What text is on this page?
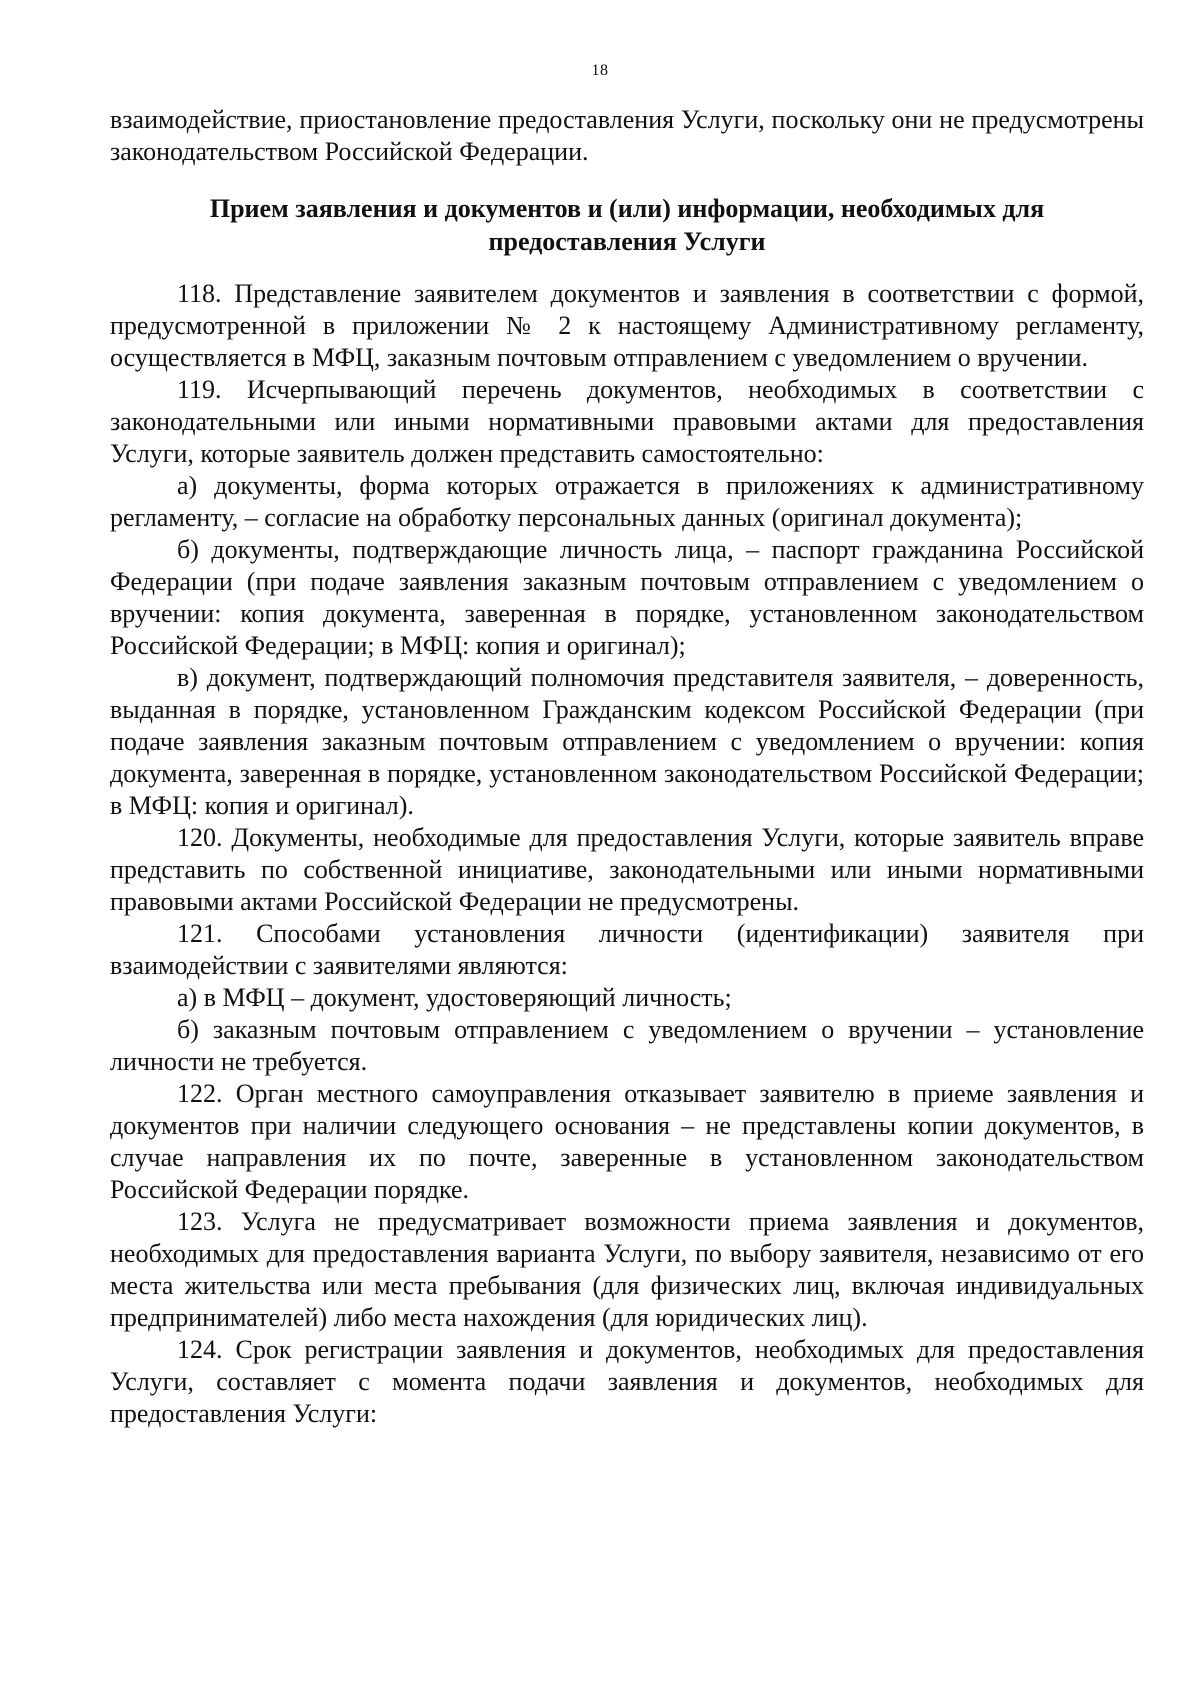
18

взаимодействие, приостановление предоставления Услуги, поскольку они не предусмотрены законодательством Российской Федерации.

Прием заявления и документов и (или) информации, необходимых для
предоставления Услуги

118. Представление заявителем документов и заявления в соответствии с формой, предусмотренной в приложении № 2 к настоящему Административному регламенту, осуществляется в МФЦ, заказным почтовым отправлением с уведомлением о вручении.

119. Исчерпывающий перечень документов, необходимых в соответствии с законодательными или иными нормативными правовыми актами для предоставления Услуги, которые заявитель должен представить самостоятельно:

а) документы, форма которых отражается в приложениях к административному регламенту, – согласие на обработку персональных данных (оригинал документа);

б) документы, подтверждающие личность лица, – паспорт гражданина Российской Федерации (при подаче заявления заказным почтовым отправлением с уведомлением о вручении: копия документа, заверенная в порядке, установленном законодательством Российской Федерации; в МФЦ: копия и оригинал);

в) документ, подтверждающий полномочия представителя заявителя, – доверенность, выданная в порядке, установленном Гражданским кодексом Российской Федерации (при подаче заявления заказным почтовым отправлением с уведомлением о вручении: копия документа, заверенная в порядке, установленном законодательством Российской Федерации; в МФЦ: копия и оригинал).

120. Документы, необходимые для предоставления Услуги, которые заявитель вправе представить по собственной инициативе, законодательными или иными нормативными правовыми актами Российской Федерации не предусмотрены.

121. Способами установления личности (идентификации) заявителя при взаимодействии с заявителями являются:

а) в МФЦ – документ, удостоверяющий личность;

б) заказным почтовым отправлением с уведомлением о вручении – установление личности не требуется.

122. Орган местного самоуправления отказывает заявителю в приеме заявления и документов при наличии следующего основания – не представлены копии документов, в случае направления их по почте, заверенные в установленном законодательством Российской Федерации порядке.

123. Услуга не предусматривает возможности приема заявления и документов, необходимых для предоставления варианта Услуги, по выбору заявителя, независимо от его места жительства или места пребывания (для физических лиц, включая индивидуальных предпринимателей) либо места нахождения (для юридических лиц).

124. Срок регистрации заявления и документов, необходимых для предоставления Услуги, составляет с момента подачи заявления и документов, необходимых для предоставления Услуги:
